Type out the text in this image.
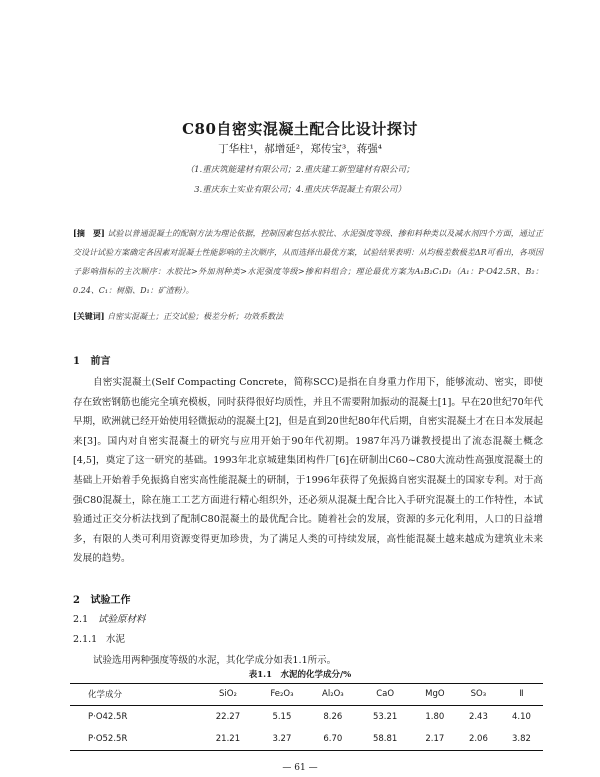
C80自密实混凝土配合比设计探讨
丁华柱¹，郝增延²，郑传宝³，蒋强⁴
（1.重庆筑能建材有限公司；2.重庆建工新型建材有限公司；
3.重庆东土实业有限公司；4.重庆庆华混凝土有限公司）
[摘　要] 试验以普通混凝土的配制方法为理论依据，控制因素包括水胶比、水泥强度等级、掺和料种类以及减水剂四个方面，通过正交设计试验方案确定各因素对混凝土性能影响的主次顺序，从而选择出最优方案，试验结果表明：从均极差数极差ΔR可看出，各项因子影响指标的主次顺序：水胶比>外加剂种类>水泥强度等级>掺和料组合；理论最优方案为A₁B₂C₁D₁（A₁：P·O42.5R、B₂：0.24、C₁：树脂、D₁：矿渣粉）。
[关键词] 自密实混凝土；正交试验；极差分析；功效系数法
1 前言
自密实混凝土(Self Compacting Concrete，简称SCC)是指在自身重力作用下，能够流动、密实，即使存在致密钢筋也能完全填充模板，同时获得很好均质性，并且不需要附加振动的混凝土[1]。早在20世纪70年代早期，欧洲就已经开始使用轻微振动的混凝土[2]，但是直到20世纪80年代后期，自密实混凝土才在日本发展起来[3]。国内对自密实混凝土的研究与应用开始于90年代初期。1987年冯乃谦教授提出了流态混凝土概念[4,5]，奠定了这一研究的基础。1993年北京城建集团构件厂[6]在研制出C60~C80大流动性高强度混凝土的基础上开始着手免振捣自密实高性能混凝土的研制，于1996年获得了免振捣自密实混凝土的国家专利。对于高强C80混凝土，除在施工工艺方面进行精心组织外，还必须从混凝土配合比入手研究混凝土的工作特性，本试验通过正交分析法找到了配制C80混凝土的最优配合比。随着社会的发展，资源的多元化利用，人口的日益增多，有限的人类可利用资源变得更加珍贵，为了满足人类的可持续发展，高性能混凝土越来越成为建筑业未来发展的趋势。
2 试验工作
2.1 试验原材料
2.1.1 水泥
试验选用两种强度等级的水泥，其化学成分如表1.1所示。
表1.1　水泥的化学成分/%
化学成分	SiO₂	Fe₂O₃	Al₂O₃	CaO	MgO	SO₃	Ⅱ
P·O42.5R	22.27	5.15	8.26	53.21	1.80	2.43	4.10
P·O52.5R	21.21	3.27	6.70	58.81	2.17	2.06	3.82
— 61 —
